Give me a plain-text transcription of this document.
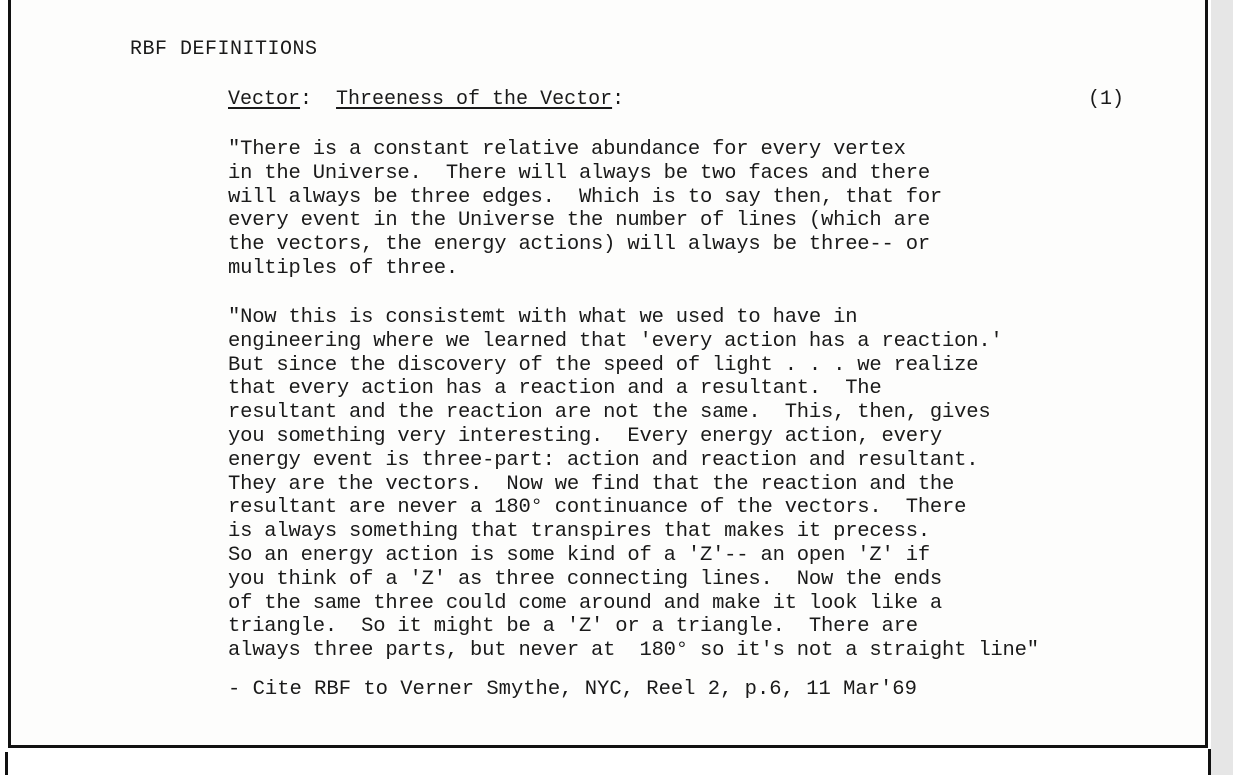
RBF DEFINITIONS
Vector:  Threeness of the Vector:	(1)
"There is a constant relative abundance for every vertex
in the Universe.  There will always be two faces and there
will always be three edges.  Which is to say then, that for
every event in the Universe the number of lines (which are
the vectors, the energy actions) will always be three-- or
multiples of three.
"Now this is consistemt with what we used to have in
engineering where we learned that 'every action has a reaction.'
But since the discovery of the speed of light . . . we realize
that every action has a reaction and a resultant.  The
resultant and the reaction are not the same.  This, then, gives
you something very interesting.  Every energy action, every
energy event is three-part: action and reaction and resultant.
They are the vectors.  Now we find that the reaction and the
resultant are never a 180° continuance of the vectors.  There
is always something that transpires that makes it precess.
So an energy action is some kind of a 'Z'-- an open 'Z' if
you think of a 'Z' as three connecting lines.  Now the ends
of the same three could come around and make it look like a
triangle.  So it might be a 'Z' or a triangle.  There are
always three parts, but never at  180° so it's not a straight line"
- Cite RBF to Verner Smythe, NYC, Reel 2, p.6, 11 Mar'69
